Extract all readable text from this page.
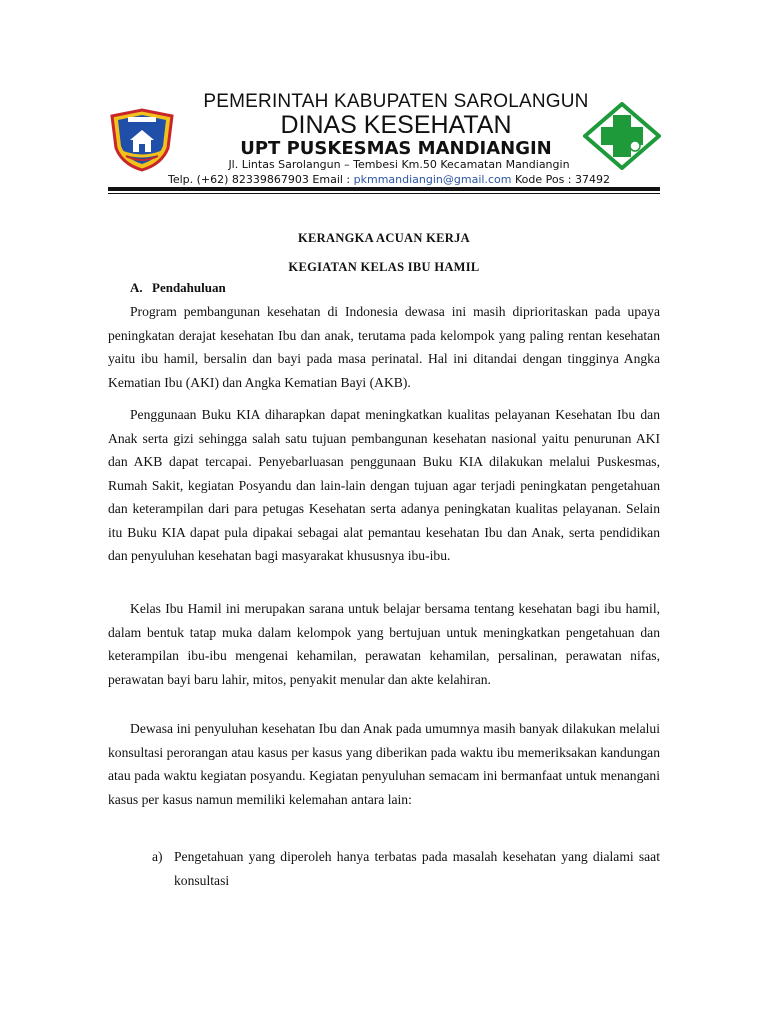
PEMERINTAH KABUPATEN SAROLANGUN
DINAS KESEHATAN
UPT PUSKESMAS MANDIANGIN
Jl. Lintas Sarolangun – Tembesi Km.50 Kecamatan Mandiangin
Telp. (+62) 82339867903 Email : pkmmandiangin@gmail.com Kode Pos : 37492
KERANGKA ACUAN KERJA
KEGIATAN KELAS IBU HAMIL
A. Pendahuluan

Program pembangunan kesehatan di Indonesia dewasa ini masih diprioritaskan pada upaya peningkatan derajat kesehatan Ibu dan anak, terutama pada kelompok yang paling rentan kesehatan yaitu ibu hamil, bersalin dan bayi pada masa perinatal. Hal ini ditandai dengan tingginya Angka Kematian Ibu (AKI) dan Angka Kematian Bayi (AKB).

Penggunaan Buku KIA diharapkan dapat meningkatkan kualitas pelayanan Kesehatan Ibu dan Anak serta gizi sehingga salah satu tujuan pembangunan kesehatan nasional yaitu penurunan AKI dan AKB dapat tercapai. Penyebarluasan penggunaan Buku KIA dilakukan melalui Puskesmas, Rumah Sakit, kegiatan Posyandu dan lain-lain dengan tujuan agar terjadi peningkatan pengetahuan dan keterampilan dari para petugas Kesehatan serta adanya peningkatan kualitas pelayanan. Selain itu Buku KIA dapat pula dipakai sebagai alat pemantau kesehatan Ibu dan Anak, serta pendidikan dan penyuluhan kesehatan bagi masyarakat khususnya ibu-ibu.

Kelas Ibu Hamil ini merupakan sarana untuk belajar bersama tentang kesehatan bagi ibu hamil, dalam bentuk tatap muka dalam kelompok yang bertujuan untuk meningkatkan pengetahuan dan keterampilan ibu-ibu mengenai kehamilan, perawatan kehamilan, persalinan, perawatan nifas, perawatan bayi baru lahir, mitos, penyakit menular dan akte kelahiran.

Dewasa ini penyuluhan kesehatan Ibu dan Anak pada umumnya masih banyak dilakukan melalui konsultasi perorangan atau kasus per kasus yang diberikan pada waktu ibu memeriksakan kandungan atau pada waktu kegiatan posyandu. Kegiatan penyuluhan semacam ini bermanfaat untuk menangani kasus per kasus namun memiliki kelemahan antara lain:

a) Pengetahuan yang diperoleh hanya terbatas pada masalah kesehatan yang dialami saat konsultasi
